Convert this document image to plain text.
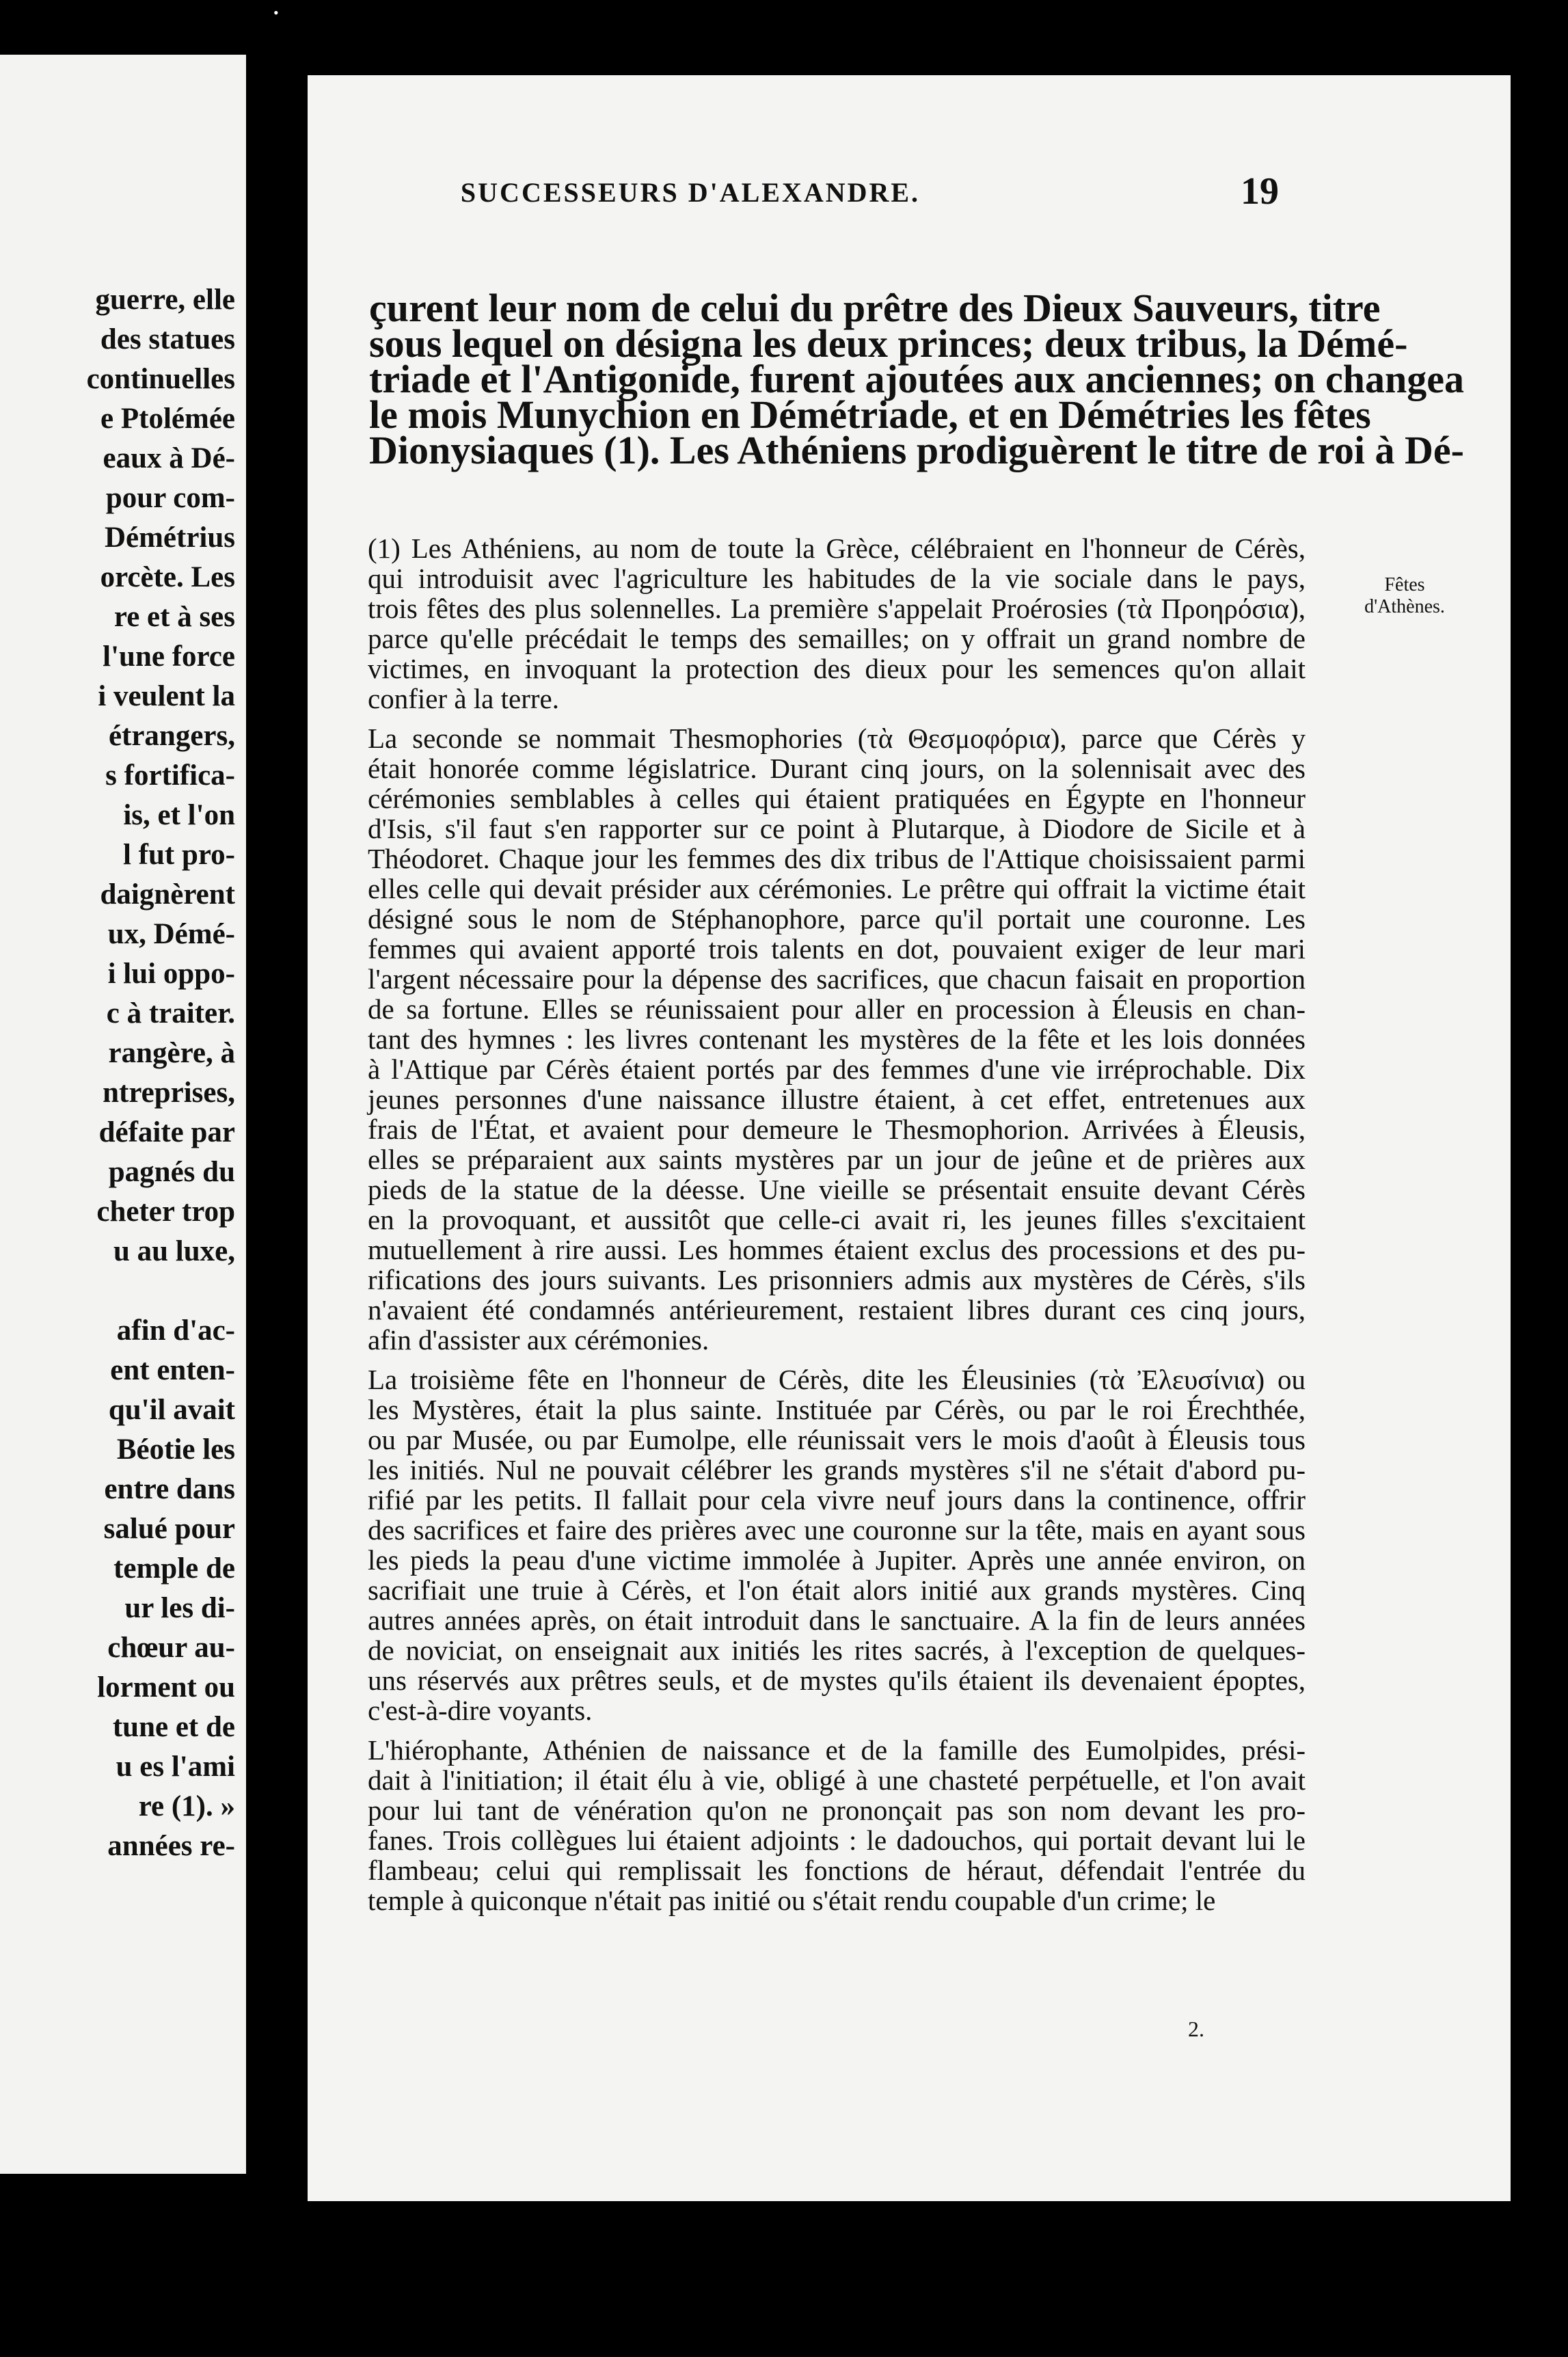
•
guerre, elle
des statues
continuelles
e Ptolémée
eaux à Dé-
pour com-
Démétrius
orcète. Les
re et à ses
l'une force
i veulent la
étrangers,
s fortifica-
is, et l'on
l fut pro-
daignèrent
ux, Démé-
i lui oppo-
c à traiter.
rangère, à
ntreprises,
défaite par
pagnés du
cheter trop
u au luxe,
afin d'ac-
ent enten-
qu'il avait
Béotie les
entre dans
salué pour
temple de
ur les di-
chœur au-
lorment ou
tune et de
u es l'ami
re (1). »
années re-
SUCCESSEURS D'ALEXANDRE.	19
çurent leur nom de celui du prêtre des Dieux Sauveurs, titre
sous lequel on désigna les deux princes; deux tribus, la Démé-
triade et l'Antigonide, furent ajoutées aux anciennes; on changea
le mois Munychion en Démétriade, et en Démétries les fêtes
Dionysiaques (1). Les Athéniens prodiguèrent le titre de roi à Dé-
(1) Les Athéniens, au nom de toute la Grèce, célébraient en l'honneur de Cérès,
qui introduisit avec l'agriculture les habitudes de la vie sociale dans le pays,
trois fêtes des plus solennelles. La première s'appelait Proérosies (τὰ Προηρόσια),
parce qu'elle précédait le temps des semailles; on y offrait un grand nombre de
victimes, en invoquant la protection des dieux pour les semences qu'on allait
confier à la terre.
La seconde se nommait Thesmophories (τὰ Θεσμοφόρια), parce que Cérès y
était honorée comme législatrice. Durant cinq jours, on la solennisait avec des
cérémonies semblables à celles qui étaient pratiquées en Égypte en l'honneur
d'Isis, s'il faut s'en rapporter sur ce point à Plutarque, à Diodore de Sicile et à
Théodoret. Chaque jour les femmes des dix tribus de l'Attique choisissaient parmi
elles celle qui devait présider aux cérémonies. Le prêtre qui offrait la victime était
désigné sous le nom de Stéphanophore, parce qu'il portait une couronne. Les
femmes qui avaient apporté trois talents en dot, pouvaient exiger de leur mari
l'argent nécessaire pour la dépense des sacrifices, que chacun faisait en proportion
de sa fortune. Elles se réunissaient pour aller en procession à Éleusis en chan-
tant des hymnes : les livres contenant les mystères de la fête et les lois données
à l'Attique par Cérès étaient portés par des femmes d'une vie irréprochable. Dix
jeunes personnes d'une naissance illustre étaient, à cet effet, entretenues aux
frais de l'État, et avaient pour demeure le Thesmophorion. Arrivées à Éleusis,
elles se préparaient aux saints mystères par un jour de jeûne et de prières aux
pieds de la statue de la déesse. Une vieille se présentait ensuite devant Cérès
en la provoquant, et aussitôt que celle-ci avait ri, les jeunes filles s'excitaient
mutuellement à rire aussi. Les hommes étaient exclus des processions et des pu-
rifications des jours suivants. Les prisonniers admis aux mystères de Cérès, s'ils
n'avaient été condamnés antérieurement, restaient libres durant ces cinq jours,
afin d'assister aux cérémonies.
La troisième fête en l'honneur de Cérès, dite les Éleusinies (τὰ Ἐλευσίνια) ou
les Mystères, était la plus sainte. Instituée par Cérès, ou par le roi Érechthée,
ou par Musée, ou par Eumolpe, elle réunissait vers le mois d'août à Éleusis tous
les initiés. Nul ne pouvait célébrer les grands mystères s'il ne s'était d'abord pu-
rifié par les petits. Il fallait pour cela vivre neuf jours dans la continence, offrir
des sacrifices et faire des prières avec une couronne sur la tête, mais en ayant sous
les pieds la peau d'une victime immolée à Jupiter. Après une année environ, on
sacrifiait une truie à Cérès, et l'on était alors initié aux grands mystères. Cinq
autres années après, on était introduit dans le sanctuaire. A la fin de leurs années
de noviciat, on enseignait aux initiés les rites sacrés, à l'exception de quelques-
uns réservés aux prêtres seuls, et de mystes qu'ils étaient ils devenaient époptes,
c'est-à-dire voyants.
L'hiérophante, Athénien de naissance et de la famille des Eumolpides, prési-
dait à l'initiation; il était élu à vie, obligé à une chasteté perpétuelle, et l'on avait
pour lui tant de vénération qu'on ne prononçait pas son nom devant les pro-
fanes. Trois collègues lui étaient adjoints : le dadouchos, qui portait devant lui le
flambeau; celui qui remplissait les fonctions de héraut, défendait l'entrée du
temple à quiconque n'était pas initié ou s'était rendu coupable d'un crime; le
Fêtes
d'Athènes.
2.
